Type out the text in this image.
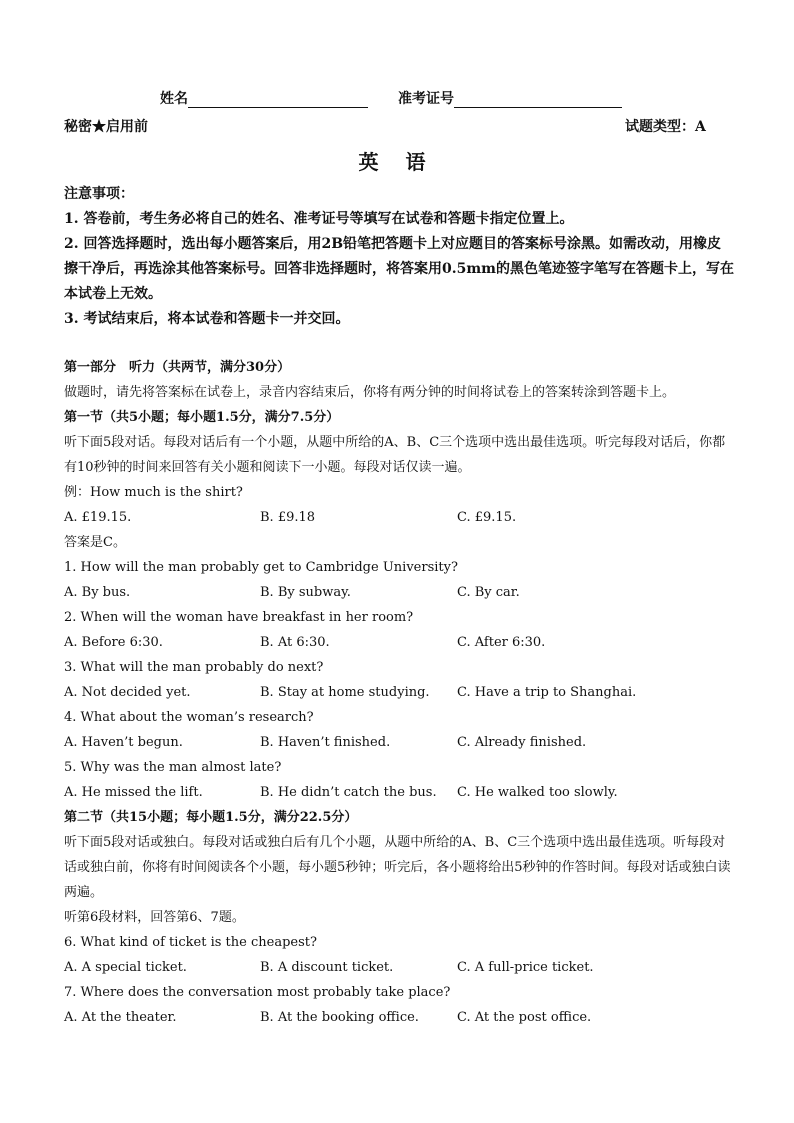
姓名	准考证号
秘密★启用前	试题类型：A
英 语

注意事项：

1. 答卷前，考生务必将自己的姓名、准考证号等填写在试卷和答题卡指定位置上。

2. 回答选择题时，选出每小题答案后，用2B铅笔把答题卡上对应题目的答案标号涂黑。如需改动，用橡皮擦干净后，再选涂其他答案标号。回答非选择题时，将答案用0.5mm的黑色笔迹签字笔写在答题卡上，写在本试卷上无效。

3. 考试结束后，将本试卷和答题卡一并交回。

第一部分　听力（共两节，满分30分）

做题时，请先将答案标在试卷上，录音内容结束后，你将有两分钟的时间将试卷上的答案转涂到答题卡上。

第一节（共5小题；每小题1.5分，满分7.5分）

听下面5段对话。每段对话后有一个小题，从题中所给的A、B、C三个选项中选出最佳选项。听完每段对话后，你都有10秒钟的时间来回答有关小题和阅读下一小题。每段对话仅读一遍。

例：How much is the shirt?

A. £19.15.	B. £9.18	C. £9.15.

答案是C。

1. How will the man probably get to Cambridge University?

A. By bus.	B. By subway.	C. By car.

2. When will the woman have breakfast in her room?

A. Before 6:30.	B. At 6:30.	C. After 6:30.

3. What will the man probably do next?

A. Not decided yet.	B. Stay at home studying.	C. Have a trip to Shanghai.

4. What about the woman’s research?

A. Haven’t begun.	B. Haven’t finished.	C. Already finished.

5. Why was the man almost late?

A. He missed the lift.	B. He didn’t catch the bus.	C. He walked too slowly.

第二节（共15小题；每小题1.5分，满分22.5分）

听下面5段对话或独白。每段对话或独白后有几个小题，从题中所给的A、B、C三个选项中选出最佳选项。听每段对话或独白前，你将有时间阅读各个小题，每小题5秒钟；听完后，各小题将给出5秒钟的作答时间。每段对话或独白读两遍。

听第6段材料，回答第6、7题。

6. What kind of ticket is the cheapest?

A. A special ticket.	B. A discount ticket.	C. A full-price ticket.

7. Where does the conversation most probably take place?

A. At the theater.	B. At the booking office.	C. At the post office.
